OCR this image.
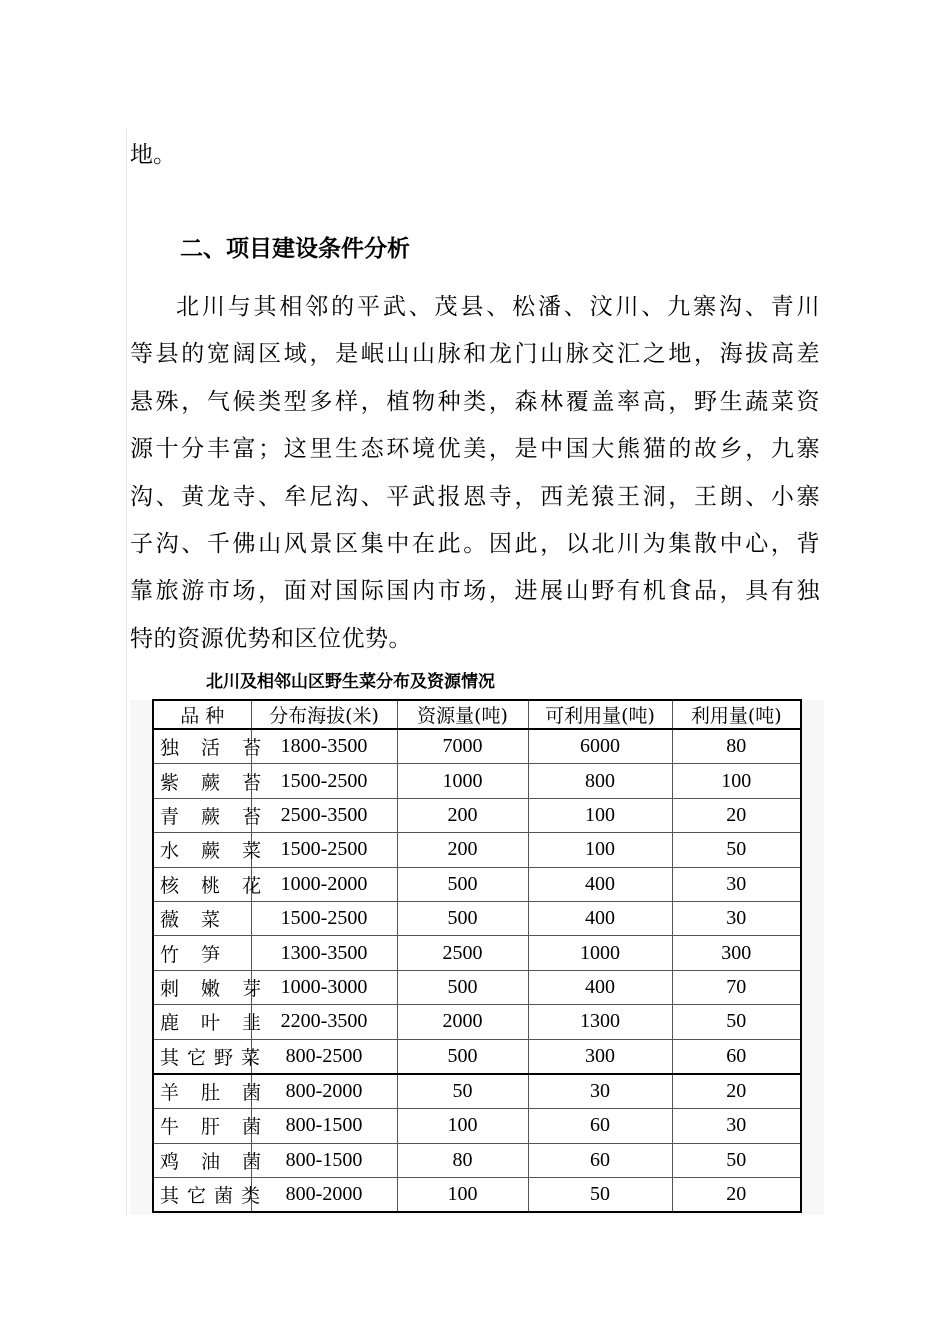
地。
二、项目建设条件分析
北川与其相邻的平武、茂县、松潘、汶川、九寨沟、青川
等县的宽阔区域，是岷山山脉和龙门山脉交汇之地，海拔高差
悬殊，气候类型多样，植物种类，森林覆盖率高，野生蔬菜资
源十分丰富；这里生态环境优美，是中国大熊猫的故乡，九寨
沟、黄龙寺、牟尼沟、平武报恩寺，西羌猿王洞，王朗、小寨
子沟、千佛山风景区集中在此。因此，以北川为集散中心，背
靠旅游市场，面对国际国内市场，进展山野有机食品，具有独
特的资源优势和区位优势。
北川及相邻山区野生菜分布及资源情况
品 种	分布海拔(米)	资源量(吨)	可利用量(吨)	利用量(吨)
独 活 苔	1800-3500	7000	6000	80
紫 蕨 苔	1500-2500	1000	800	100
青 蕨 苔	2500-3500	200	100	20
水 蕨 菜	1500-2500	200	100	50
核 桃 花	1000-2000	500	400	30
薇 菜	1500-2500	500	400	30
竹 笋	1300-3500	2500	1000	300
刺 嫩 芽	1000-3000	500	400	70
鹿 叶 韭	2200-3500	2000	1300	50
其它野菜	800-2500	500	300	60
羊 肚 菌	800-2000	50	30	20
牛 肝 菌	800-1500	100	60	30
鸡 油 菌	800-1500	80	60	50
其它菌类	800-2000	100	50	20
